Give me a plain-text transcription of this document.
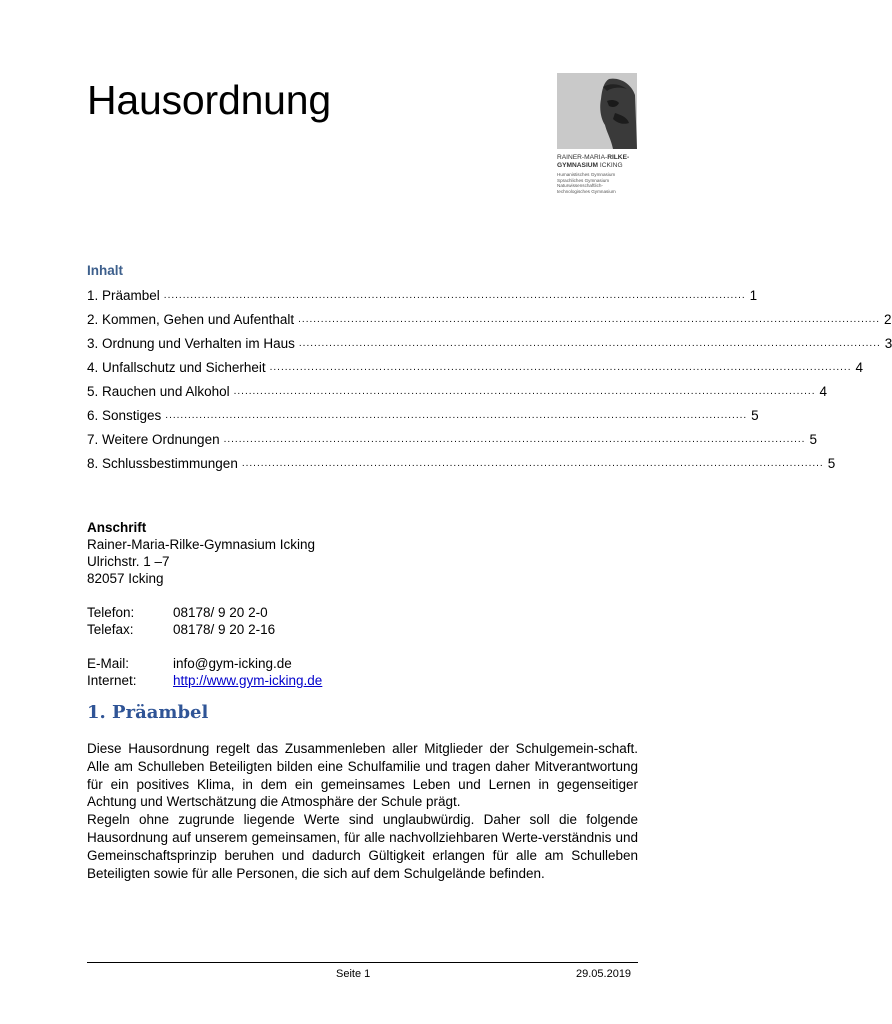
Hausordnung
RAINER-MARIA-RILKE-
GYMNASIUM ICKING
Humanistisches Gymnasium
Sprachliches Gymnasium
Naturwissenschaftlich-
technologisches Gymnasium
Inhalt
1. Präambel .......................................................................................................................................................... 1
2. Kommen, Gehen und Aufenthalt .......................................................................................................................................................... 2
3. Ordnung und Verhalten im Haus .......................................................................................................................................................... 3
4. Unfallschutz und Sicherheit .......................................................................................................................................................... 4
5. Rauchen und Alkohol .......................................................................................................................................................... 4
6. Sonstiges .......................................................................................................................................................... 5
7. Weitere Ordnungen .......................................................................................................................................................... 5
8. Schlussbestimmungen .......................................................................................................................................................... 5
Anschrift
Rainer-Maria-Rilke-Gymnasium Icking
Ulrichstr. 1 –7
82057 Icking
Telefon:	08178/ 9 20 2-0
Telefax:	08178/ 9 20 2-16
E-Mail:	info@gym-icking.de
Internet:	http://www.gym-icking.de
1. Präambel

Diese Hausordnung regelt das Zusammenleben aller Mitglieder der Schulgemein-schaft. Alle am Schulleben Beteiligten bilden eine Schulfamilie und tragen daher Mitverantwortung für ein positives Klima, in dem ein gemeinsames Leben und Lernen in gegenseitiger Achtung und Wertschätzung die Atmosphäre der Schule prägt.

Regeln ohne zugrunde liegende Werte sind unglaubwürdig. Daher soll die folgende Hausordnung auf unserem gemeinsamen, für alle nachvollziehbaren Werte-verständnis und Gemeinschaftsprinzip beruhen und dadurch Gültigkeit erlangen für alle am Schulleben Beteiligten sowie für alle Personen, die sich auf dem Schulgelände befinden.

Seite 1	29.05.2019
